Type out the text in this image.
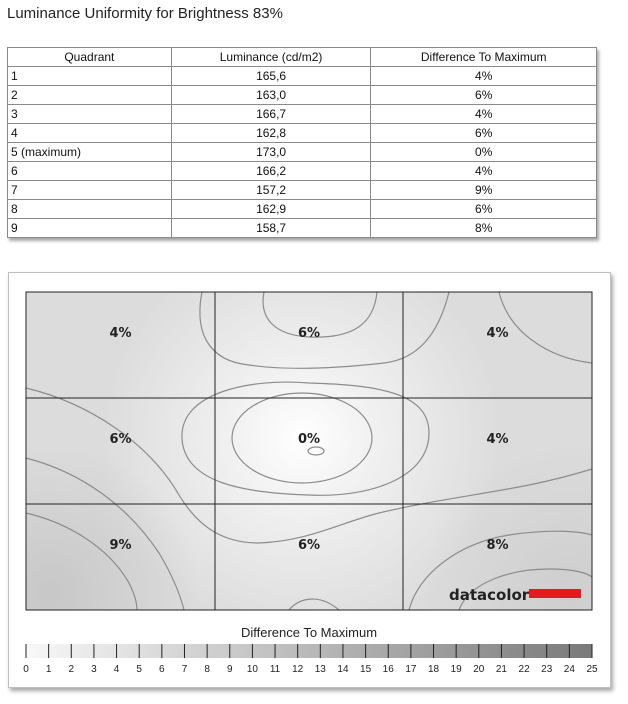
Luminance Uniformity for Brightness 83%
Quadrant	Luminance (cd/m2)	Difference To Maximum
1	165,6	4%
2	163,0	6%
3	166,7	4%
4	162,8	6%
5 (maximum)	173,0	0%
6	166,2	4%
7	157,2	9%
8	162,9	6%
9	158,7	8%
4%	6%	4%
6%	0%	4%
9%	6%	8%
datacolor
Difference To Maximum
0 1 2 3 4 5 6 7 8 9 10 11 12 13 14 15 16 17 18 19 20 21 22 23 24 25
